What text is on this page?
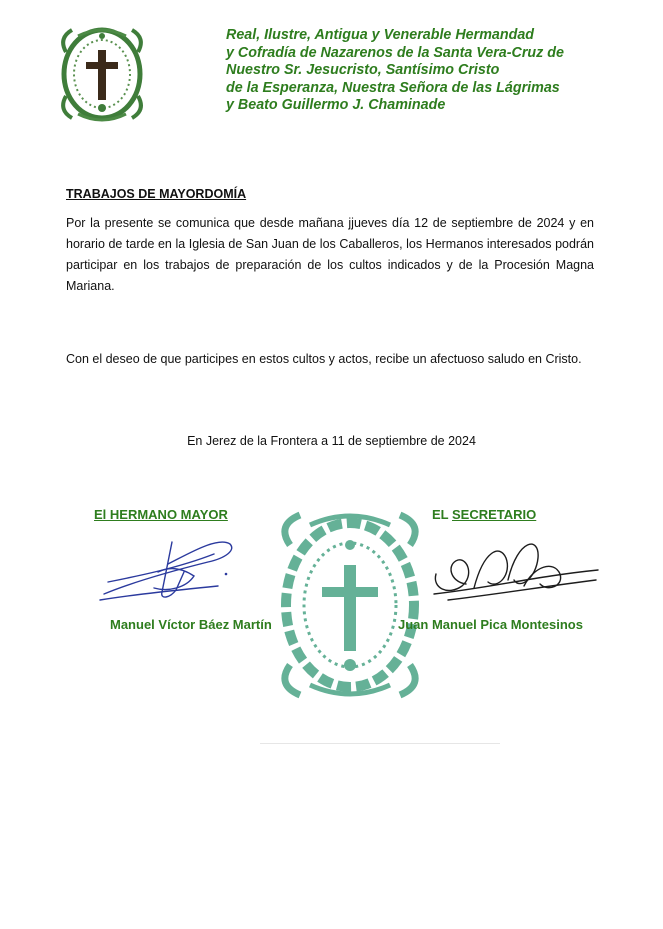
Real, Ilustre, Antigua y Venerable Hermandad
y Cofradía de Nazarenos de la Santa Vera-Cruz de
Nuestro Sr. Jesucristo, Santísimo Cristo
de la Esperanza, Nuestra Señora de las Lágrimas
y Beato Guillermo J. Chaminade
TRABAJOS DE MAYORDOMÍA
Por la presente se comunica que desde mañana jjueves día 12 de septiembre de 2024 y en horario de tarde en la Iglesia de San Juan de los Caballeros, los Hermanos interesados podrán participar en los trabajos de preparación de los cultos indicados y de la Procesión Magna Mariana.
Con el deseo de que participes en estos cultos y actos, recibe un afectuoso saludo en Cristo.
En Jerez de la Frontera a 11 de septiembre de 2024
El HERMANO MAYOR	EL SECRETARIO
Manuel Víctor Báez Martín	Juan Manuel Pica Montesinos
